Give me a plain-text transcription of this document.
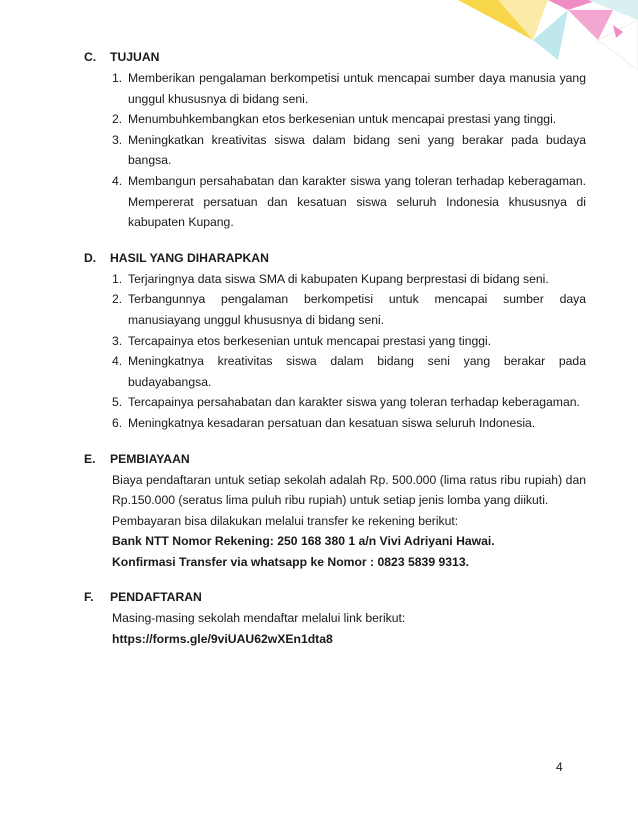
C.	TUJUAN
1. Memberikan pengalaman berkompetisi untuk mencapai sumber daya manusia yang unggul khususnya di bidang seni.
2. Menumbuhkembangkan etos berkesenian untuk mencapai prestasi yang tinggi.
3. Meningkatkan kreativitas siswa dalam bidang seni yang berakar pada budaya bangsa.
4. Membangun persahabatan dan karakter siswa yang toleran terhadap keberagaman. Mempererat persatuan dan kesatuan siswa seluruh Indonesia khususnya di kabupaten Kupang.
D.	HASIL YANG DIHARAPKAN
1. Terjaringnya data siswa SMA di kabupaten Kupang berprestasi di bidang seni.
2. Terbangunnya pengalaman berkompetisi untuk mencapai sumber daya manusiayang unggul khususnya di bidang seni.
3. Tercapainya etos berkesenian untuk mencapai prestasi yang tinggi.
4. Meningkatnya kreativitas siswa dalam bidang seni yang berakar pada budayabangsa.
5. Tercapainya persahabatan dan karakter siswa yang toleran terhadap keberagaman.
6. Meningkatnya kesadaran persatuan dan kesatuan siswa seluruh Indonesia.
E.	PEMBIAYAAN

Biaya pendaftaran untuk setiap sekolah adalah Rp. 500.000 (lima ratus ribu rupiah) dan Rp.150.000 (seratus lima puluh ribu rupiah) untuk setiap jenis lomba yang diikuti.

Pembayaran bisa dilakukan melalui transfer ke rekening berikut:

Bank NTT Nomor Rekening: 250 168 380 1 a/n Vivi Adriyani Hawai.

Konfirmasi Transfer via whatsapp ke Nomor : 0823 5839 9313.

F.	PENDAFTARAN

Masing-masing sekolah mendaftar melalui link berikut:

https://forms.gle/9viUAU62wXEn1dta8

4
